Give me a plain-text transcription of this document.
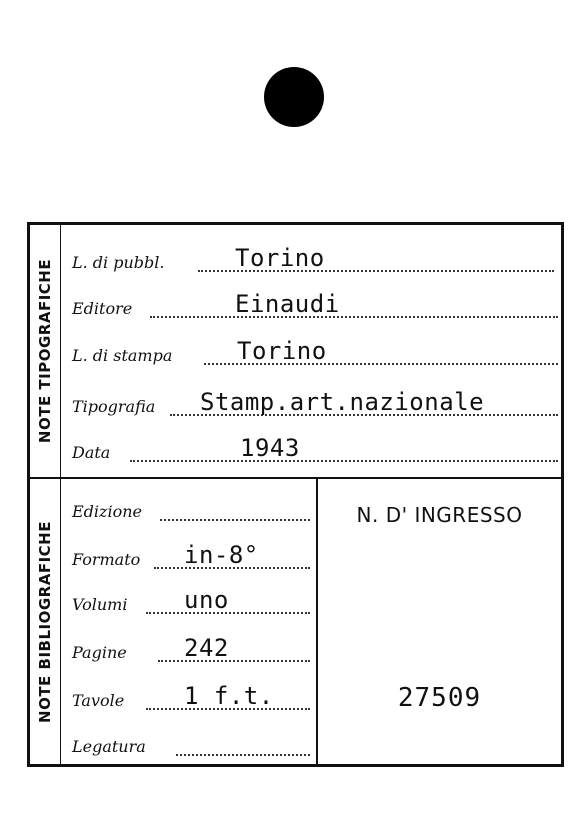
NOTE TIPOGRAFICHE
NOTE BIBLIOGRAFICHE
L. di pubbl.	Torino
Editore	Einaudi
L. di stampa	Torino
Tipografia Stamp.art.nazionale
Data	1943
Edizione
Formato in-8°
Volumi uno
Pagine 242
Tavole 1 f.t.
Legatura
N. D' INGRESSO
27509
